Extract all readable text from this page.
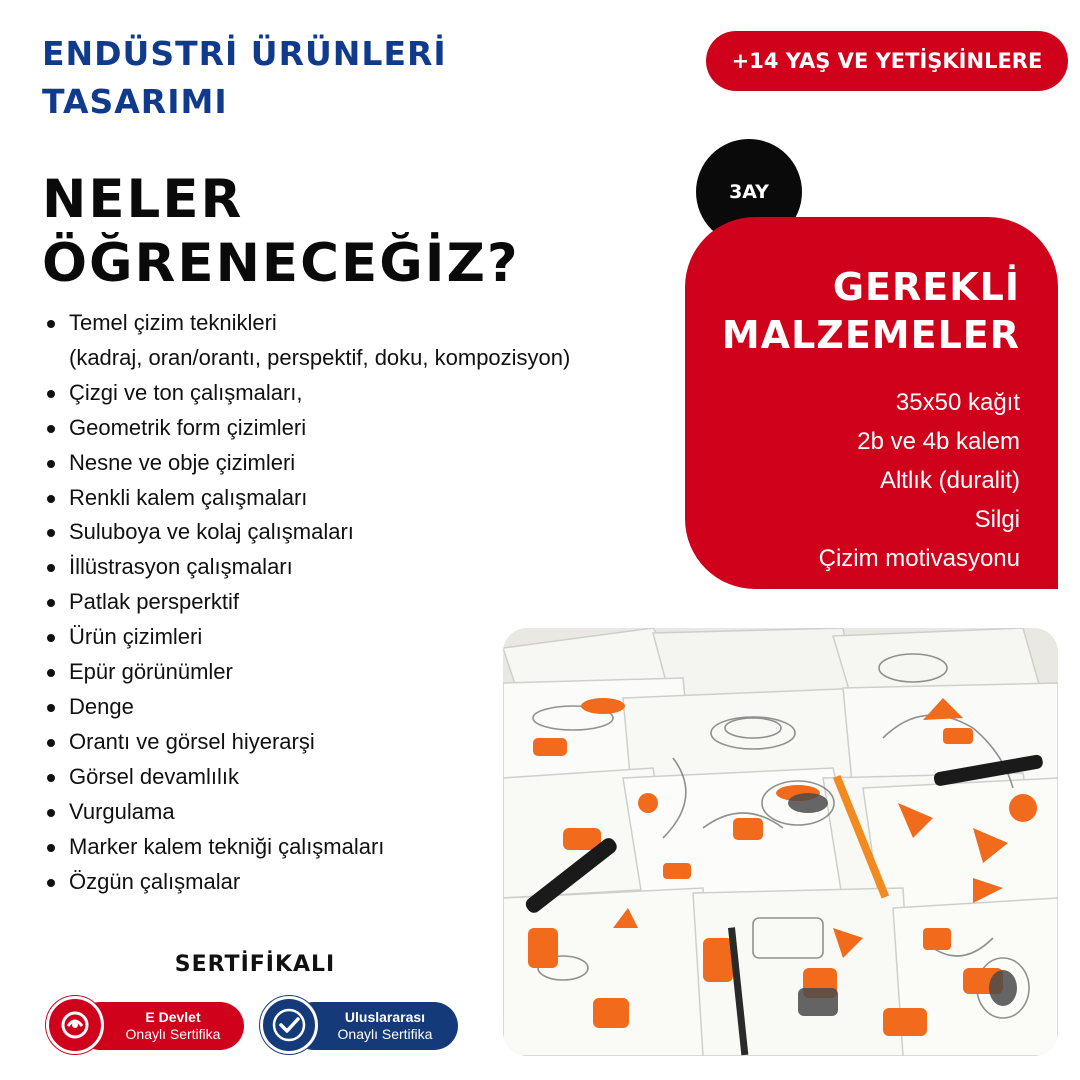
ENDÜSTRİ ÜRÜNLERİ
TASARIMI
+14 YAŞ VE YETİŞKİNLERE
3AY
NELER
ÖĞRENECEĞİZ?
Temel çizim teknikleri
(kadraj, oran/orantı, perspektif, doku, kompozisyon)
Çizgi ve ton çalışmaları,
Geometrik form çizimleri
Nesne ve obje çizimleri
Renkli kalem çalışmaları
Suluboya ve kolaj çalışmaları
İllüstrasyon çalışmaları
Patlak persperktif
Ürün çizimleri
Epür görünümler
Denge
Orantı ve görsel hiyerarşi
Görsel devamlılık
Vurgulama
Marker kalem tekniği çalışmaları
Özgün çalışmalar
GEREKLİ
MALZEMELER
35x50 kağıt
2b ve 4b kalem
Altlık (duralit)
Silgi
Çizim motivasyonu
SERTİFİKALI
E Devlet
Onaylı Sertifika
Uluslararası
Onaylı Sertifika
